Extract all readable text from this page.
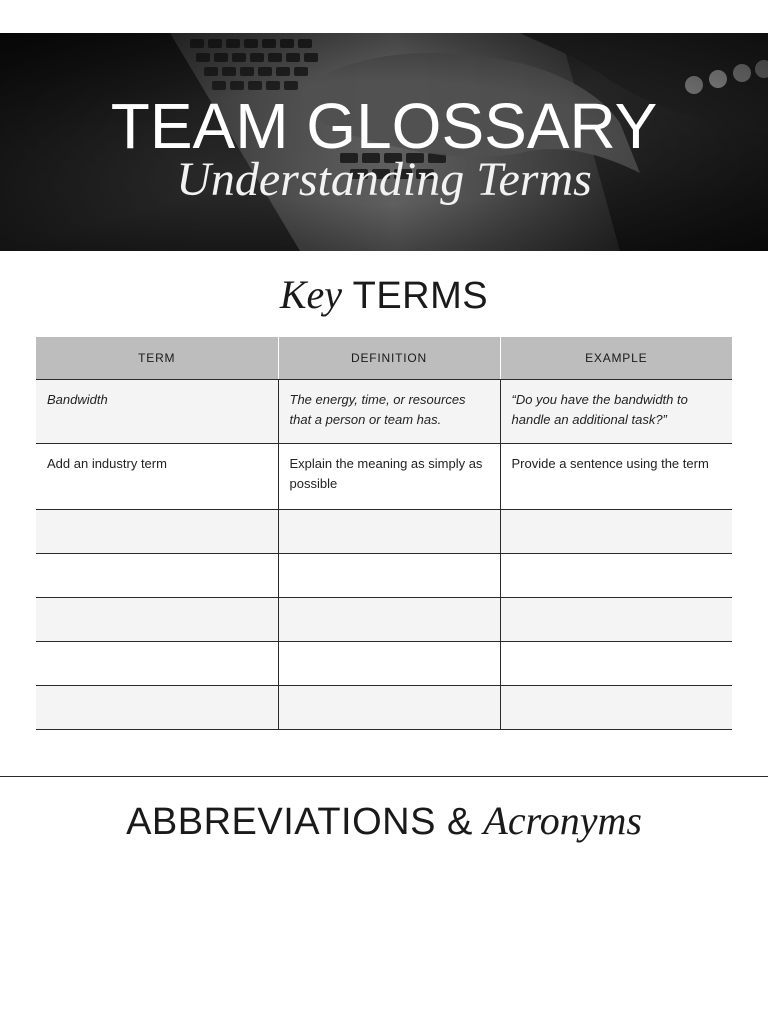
TEAM GLOSSARY

Understanding Terms

Key TERMS
TERM	DEFINITION	EXAMPLE
Bandwidth	The energy, time, or resources that a person or team has.	“Do you have the bandwidth to handle an additional task?”
Add an industry term	Explain the meaning as simply as possible	Provide a sentence using the term

ABBREVIATIONS & Acronyms
